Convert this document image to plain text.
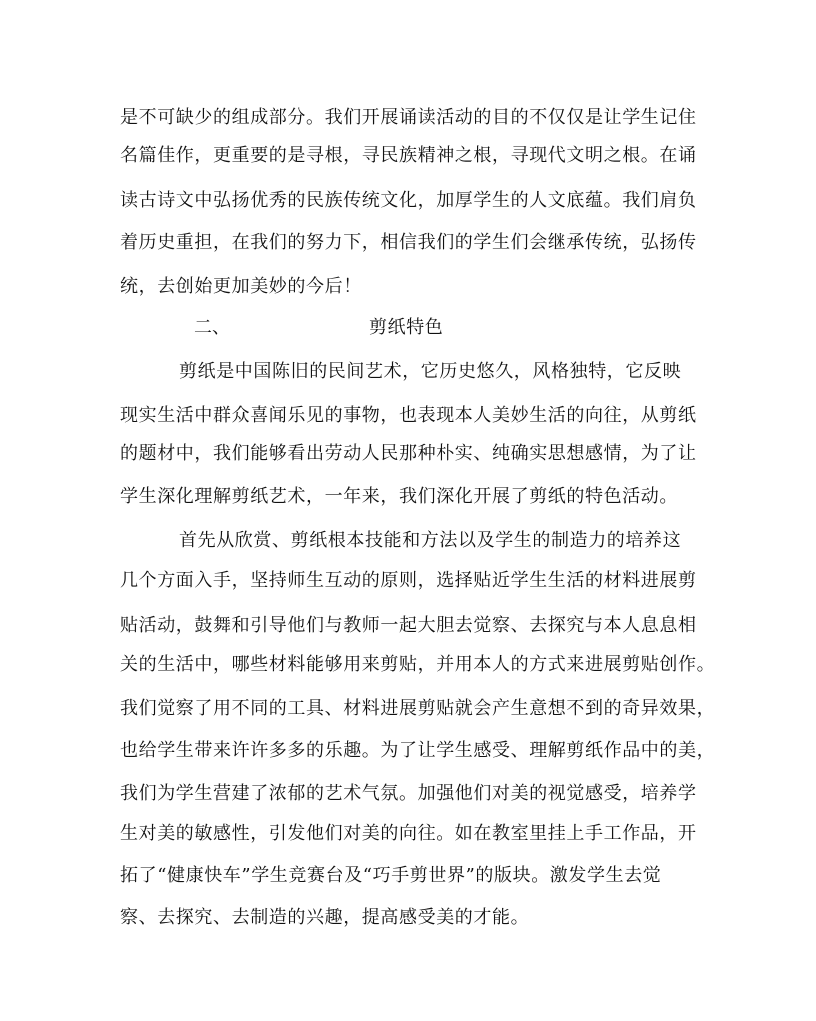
是不可缺少的组成部分。我们开展诵读活动的目的不仅仅是让学生记住
名篇佳作，更重要的是寻根，寻民族精神之根，寻现代文明之根。在诵
读古诗文中弘扬优秀的民族传统文化，加厚学生的人文底蕴。我们肩负
着历史重担，在我们的努力下，相信我们的学生们会继承传统，弘扬传
统，去创始更加美妙的今后！
二、	剪纸特色
剪纸是中国陈旧的民间艺术，它历史悠久，风格独特，它反映
现实生活中群众喜闻乐见的事物，也表现本人美妙生活的向往，从剪纸
的题材中，我们能够看出劳动人民那种朴实、纯确实思想感情，为了让
学生深化理解剪纸艺术，一年来，我们深化开展了剪纸的特色活动。
首先从欣赏、剪纸根本技能和方法以及学生的制造力的培养这
几个方面入手，坚持师生互动的原则，选择贴近学生生活的材料进展剪
贴活动，鼓舞和引导他们与教师一起大胆去觉察、去探究与本人息息相
关的生活中，哪些材料能够用来剪贴，并用本人的方式来进展剪贴创作。
我们觉察了用不同的工具、材料进展剪贴就会产生意想不到的奇异效果，
也给学生带来许许多多的乐趣。为了让学生感受、理解剪纸作品中的美，
我们为学生营建了浓郁的艺术气氛。加强他们对美的视觉感受，培养学
生对美的敏感性，引发他们对美的向往。如在教室里挂上手工作品，开
拓了“健康快车”学生竞赛台及“巧手剪世界”的版块。激发学生去觉
察、去探究、去制造的兴趣，提高感受美的才能。
